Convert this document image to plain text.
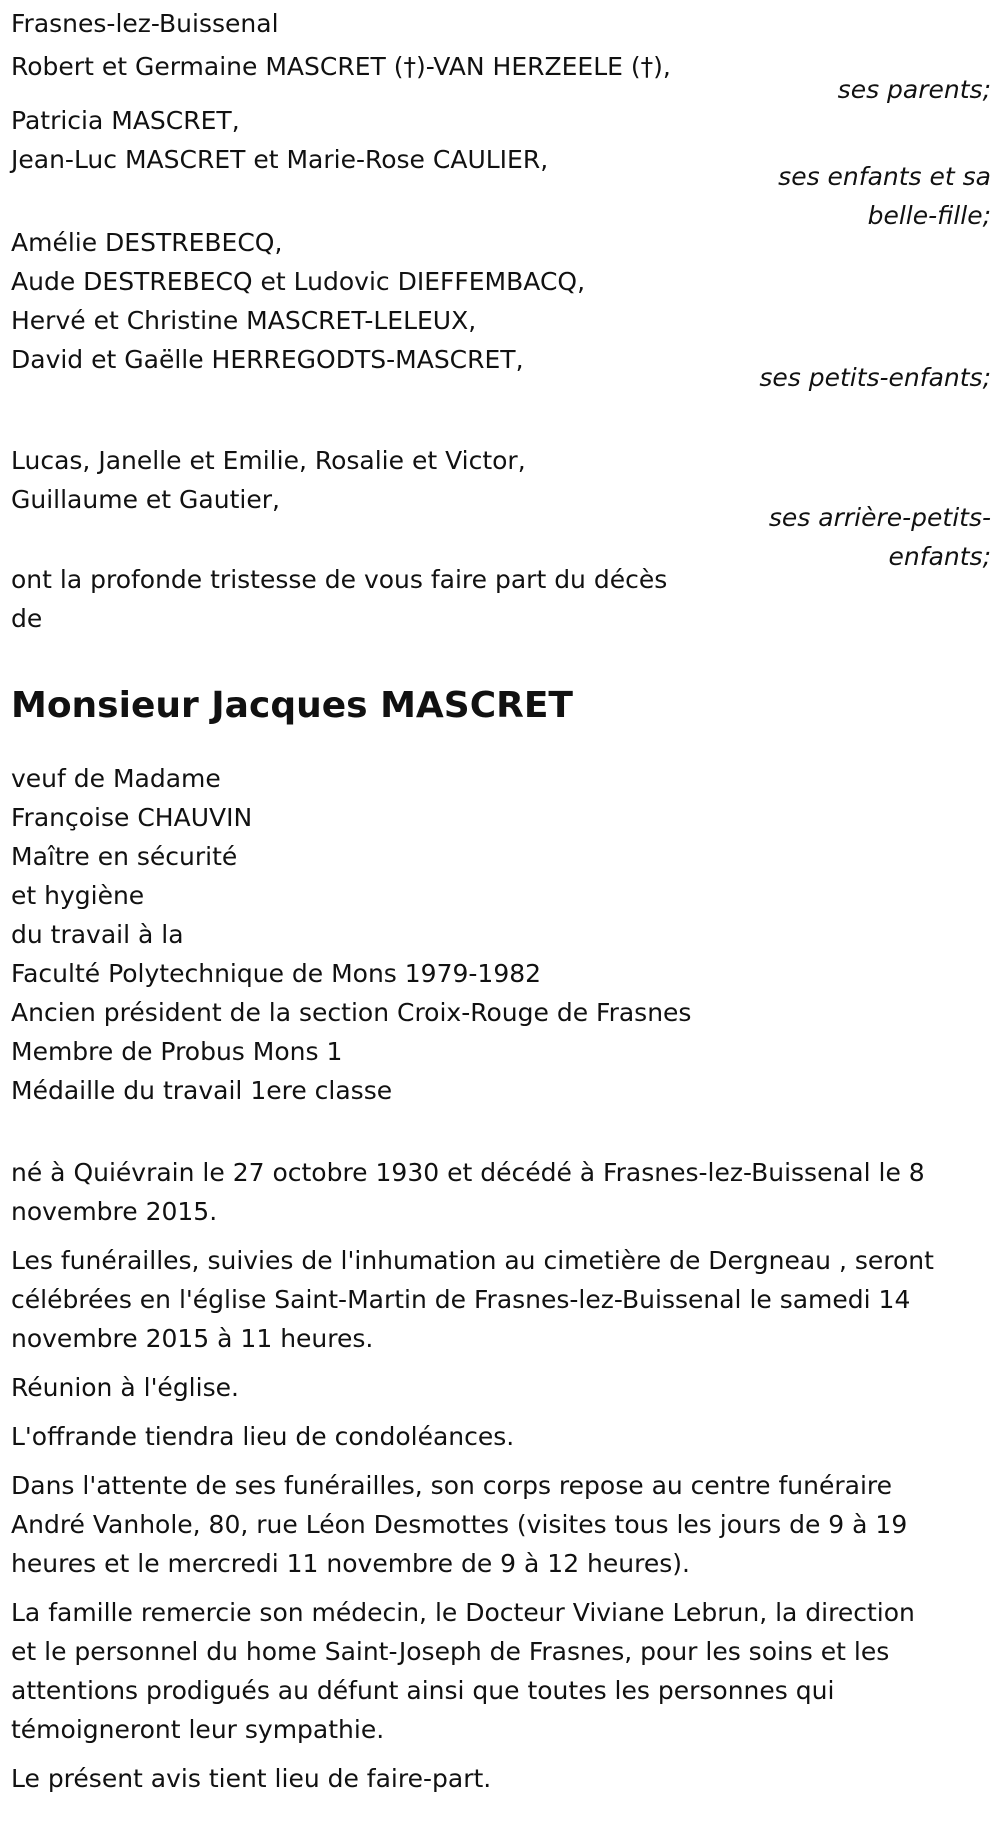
Frasnes-lez-Buissenal
Robert et Germaine MASCRET (†)-VAN HERZEELE (†),
ses parents;
Patricia MASCRET,
Jean-Luc MASCRET et Marie-Rose CAULIER,
ses enfants et sa
belle-fille;
Amélie DESTREBECQ,
Aude DESTREBECQ et Ludovic DIEFFEMBACQ,
Hervé et Christine MASCRET-LELEUX,
David et Gaëlle HERREGODTS-MASCRET,
ses petits-enfants;
Lucas, Janelle et Emilie, Rosalie et Victor,
Guillaume et Gautier,
ses arrière-petits-
enfants;
ont la profonde tristesse de vous faire part du décès
de
Monsieur Jacques MASCRET
veuf de Madame
Françoise CHAUVIN
Maître en sécurité
et hygiène
du travail à la
Faculté Polytechnique de Mons 1979-1982
Ancien président de la section Croix-Rouge de Frasnes
Membre de Probus Mons 1
Médaille du travail 1ere classe
né à Quiévrain le 27 octobre 1930 et décédé à Frasnes-lez-Buissenal le 8
novembre 2015.
Les funérailles, suivies de l'inhumation au cimetière de Dergneau , seront
célébrées en l'église Saint-Martin de Frasnes-lez-Buissenal le samedi 14
novembre 2015 à 11 heures.
Réunion à l'église.
L'offrande tiendra lieu de condoléances.
Dans l'attente de ses funérailles, son corps repose au centre funéraire
André Vanhole, 80, rue Léon Desmottes (visites tous les jours de 9 à 19
heures et le mercredi 11 novembre de 9 à 12 heures).
La famille remercie son médecin, le Docteur Viviane Lebrun, la direction
et le personnel du home Saint-Joseph de Frasnes, pour les soins et les
attentions prodigués au défunt ainsi que toutes les personnes qui
témoigneront leur sympathie.
Le présent avis tient lieu de faire-part.
